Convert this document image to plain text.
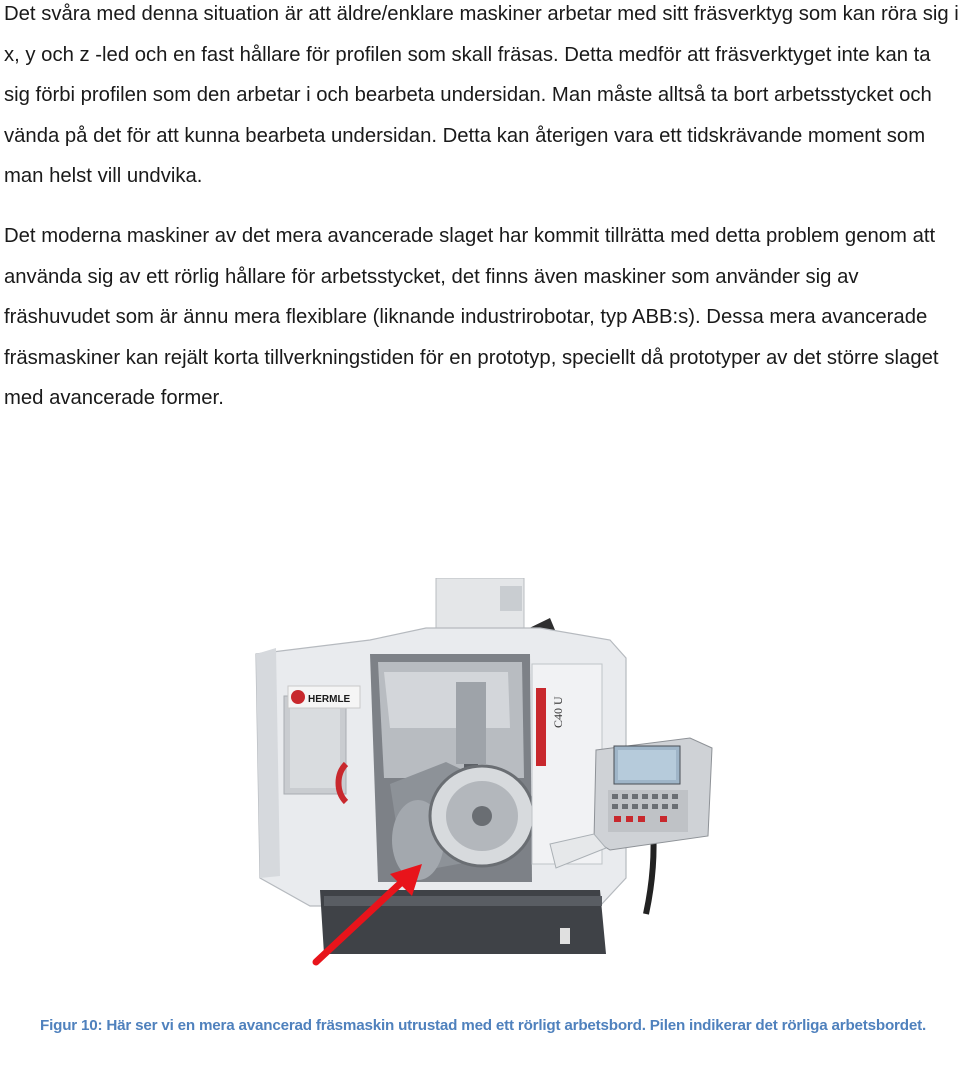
Det svåra med denna situation är att äldre/enklare maskiner arbetar med sitt fräsverktyg som kan röra sig i x, y och z -led och en fast hållare för profilen som skall fräsas. Detta medför att fräsverktyget inte kan ta sig förbi profilen som den arbetar i och bearbeta undersidan. Man måste alltså ta bort arbetsstycket och vända på det för att kunna bearbeta undersidan. Detta kan återigen vara ett tidskrävande moment som man helst vill undvika.

Det moderna maskiner av det mera avancerade slaget har kommit tillrätta med detta problem genom att använda sig av ett rörlig hållare för arbetsstycket, det finns även maskiner som använder sig av fräshuvudet som är ännu mera flexiblare (liknande industrirobotar, typ ABB:s). Dessa mera avancerade fräsmaskiner kan rejält korta tillverkningstiden för en prototyp, speciellt då prototyper av det större slaget med avancerade former.

HERMLE	C40 U

Figur 10: Här ser vi en mera avancerad fräsmaskin utrustad med ett rörligt arbetsbord. Pilen indikerar det rörliga arbetsbordet.
